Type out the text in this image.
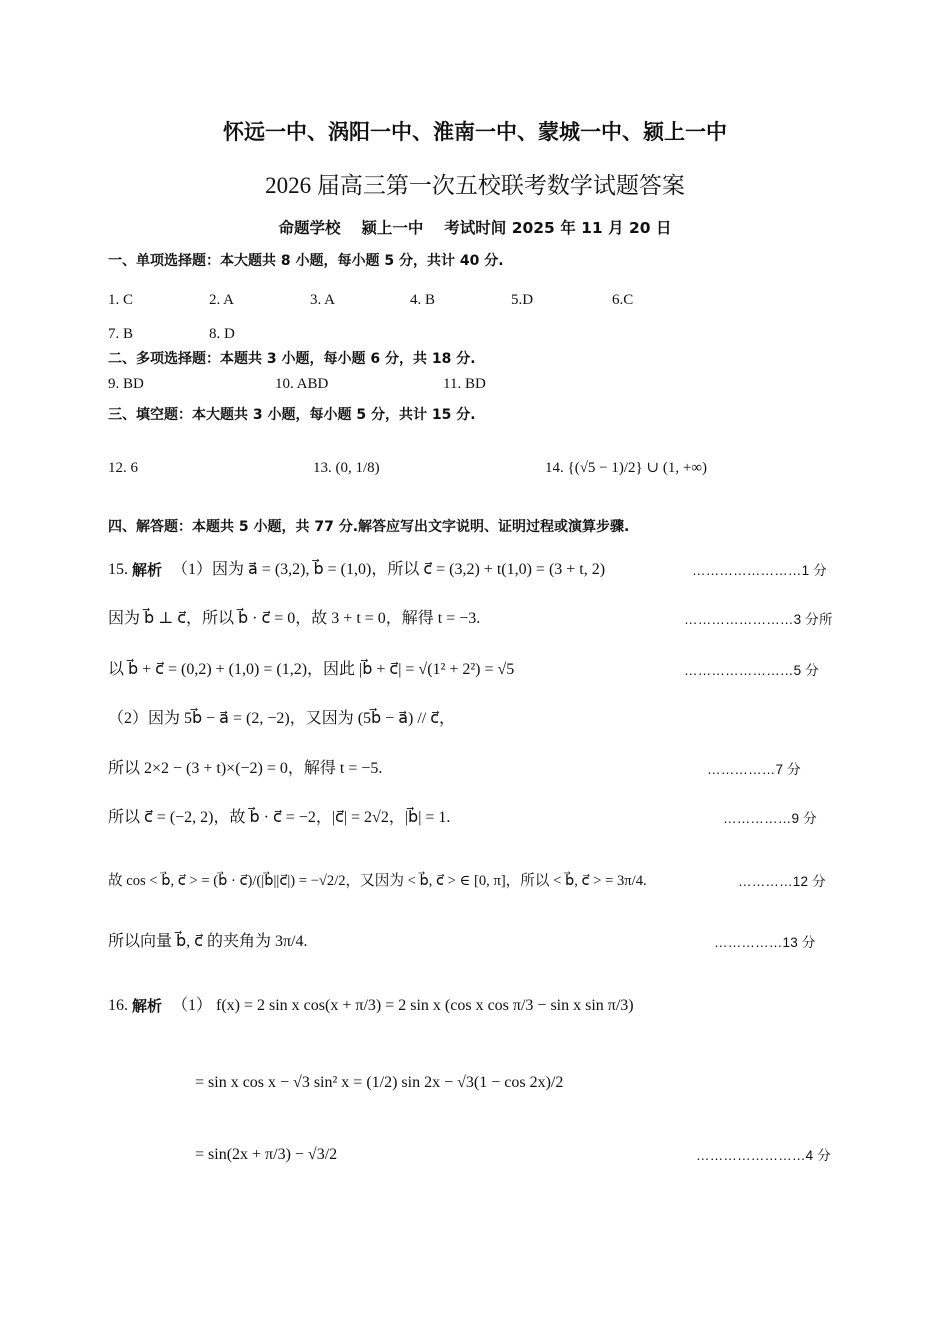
怀远一中、涡阳一中、淮南一中、蒙城一中、颍上一中
2026 届高三第一次五校联考数学试题答案
命题学校　 颍上一中　 考试时间 2025 年 11 月 20 日
一、单项选择题：本大题共 8 小题，每小题 5 分，共计 40 分.
1. C	2. A	3. A	4. B	5.D	6.C
7. B	8. D
二、多项选择题：本题共 3 小题，每小题 6 分，共 18 分.
9. BD	10. ABD	11. BD
三、填空题：本大题共 3 小题，每小题 5 分，共计 15 分.
12. 6	13. (0, 1/8)	14. {(√5 − 1)/2} ∪ (1, +∞)
四、解答题：本题共 5 小题，共 77 分.解答应写出文字说明、证明过程或演算步骤.
15. 解析 （1）因为 a⃗ = (3,2), b⃗ = (1,0)，所以 c⃗ = (3,2) + t(1,0) = (3 + t, 2)	……………………1 分
因为 b⃗ ⊥ c⃗，所以 b⃗ · c⃗ = 0，故 3 + t = 0，解得 t = −3.	……………………3 分所
以 b⃗ + c⃗ = (0,2) + (1,0) = (1,2)，因此 |b⃗ + c⃗| = √(1² + 2²) = √5	……………………5 分
（2）因为 5b⃗ − a⃗ = (2, −2)，又因为 (5b⃗ − a⃗) // c⃗，
所以 2×2 − (3 + t)×(−2) = 0，解得 t = −5.	……………7 分
所以 c⃗ = (−2, 2)，故 b⃗ · c⃗ = −2，|c⃗| = 2√2，|b⃗| = 1.	……………9 分
故 cos < b⃗, c⃗ > = (b⃗ · c⃗)/(|b⃗||c⃗|) = −√2/2，又因为 < b⃗, c⃗ > ∈ [0, π]，所以 < b⃗, c⃗ > = 3π/4.	…………12 分
所以向量 b⃗, c⃗ 的夹角为 3π/4.	……………13 分
16. 解析 （1） f(x) = 2 sin x cos(x + π/3) = 2 sin x (cos x cos π/3 − sin x sin π/3)
= sin x cos x − √3 sin² x = (1/2) sin 2x − √3(1 − cos 2x)/2
= sin(2x + π/3) − √3/2	……………………4 分
